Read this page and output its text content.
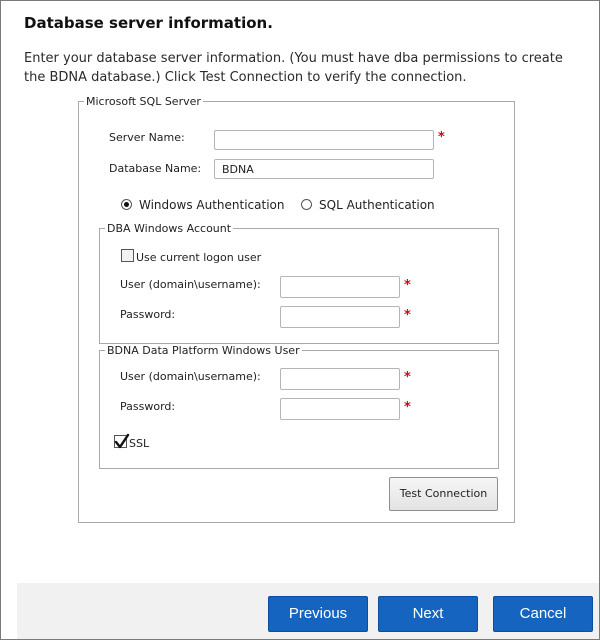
Database server information.
Enter your database server information. (You must have dba permissions to create the BDNA database.) Click Test Connection to verify the connection.
Microsoft SQL Server
Server Name:	*
Database Name:
BDNA
Windows Authentication	SQL Authentication
DBA Windows Account
Use current logon user
User (domain\username):	*
Password:	*
BDNA Data Platform Windows User
User (domain\username):	*
Password:	*
SSL
Test Connection
Previous	Next	Cancel
